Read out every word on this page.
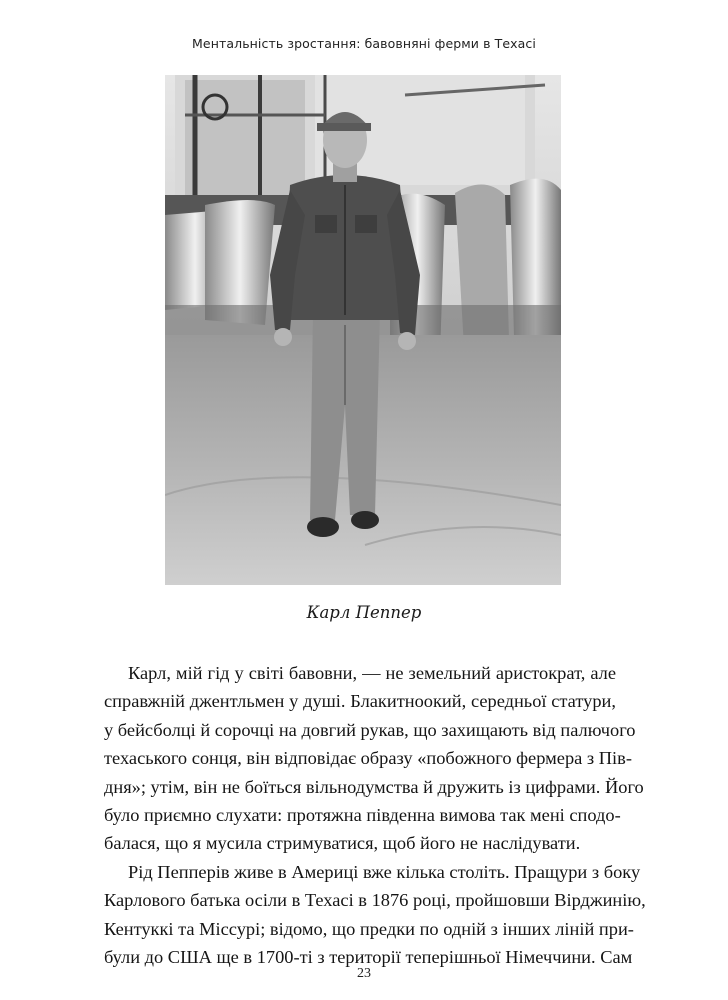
Ментальність зростання: бавовняні ферми в Техасі
Карл Пеппер
Карл, мій гід у світі бавовни, — не земельний аристократ, але
справжній джентльмен у душі. Блакитноокий, середньої статури,
у бейсболці й сорочці на довгий рукав, що захищають від палючого
техаського сонця, він відповідає образу «побожного фермера з Пів-
дня»; утім, він не боїться вільнодумства й дружить із цифрами. Його
було приємно слухати: протяжна південна вимова так мені сподо-
балася, що я мусила стримуватися, щоб його не наслідувати.
Рід Пепперів живе в Америці вже кілька століть. Пращури з боку
Карлового батька осіли в Техасі в 1876 році, пройшовши Вірджинію,
Кентуккі та Міссурі; відомо, що предки по одній з інших ліній при-
були до США ще в 1700-ті з території теперішньої Німеччини. Сам
23
